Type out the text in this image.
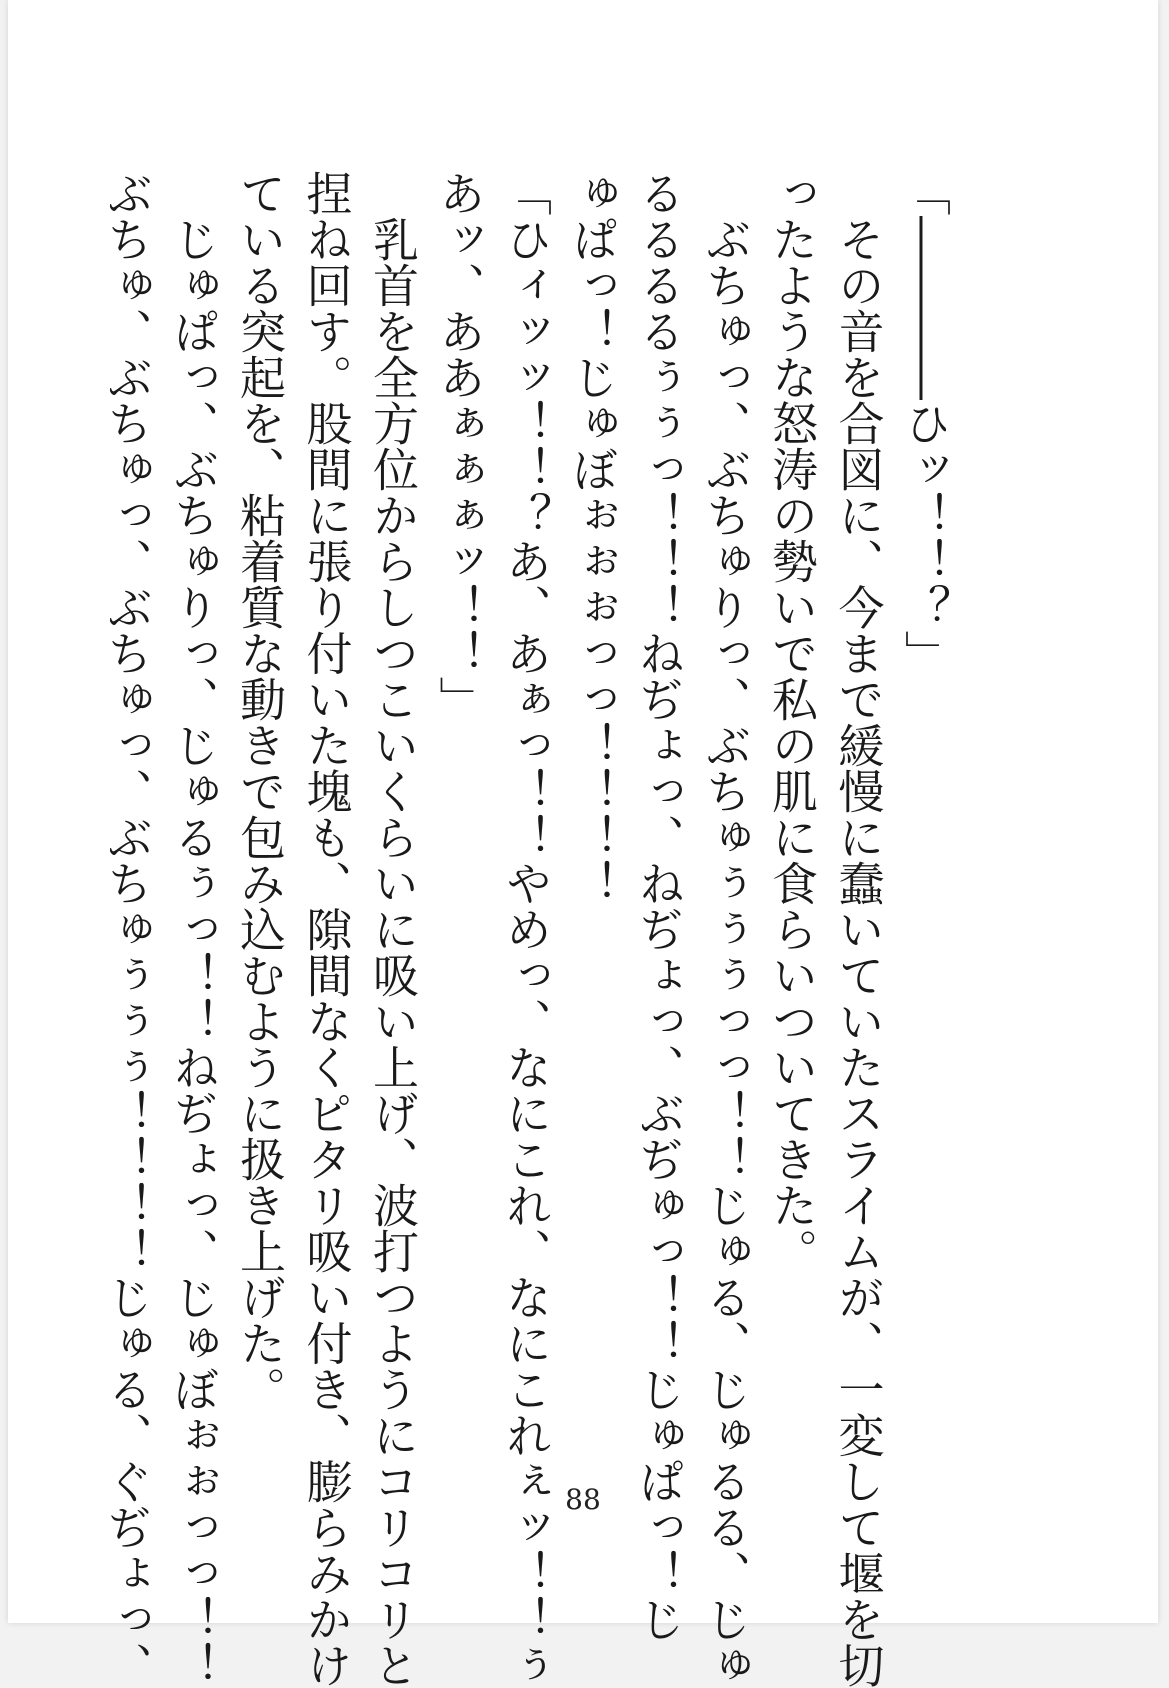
「――――ひッ！！？」
　その音を合図に、今まで緩慢に蠢いていたスライムが、一変して堰を切
ったような怒涛の勢いで私の肌に食らいついてきた。
　ぶちゅっ、ぶちゅりっ、ぶちゅぅぅぅっっ！！じゅる、じゅるる、じゅ
るるるるぅぅっ！！！ねぢょっ、ねぢょっ、ぶぢゅっ！！じゅぱっ！じ
ゅぱっ！じゅぼぉぉぉっっ！！！！
「ひィッッ！！？あ、あぁっ！！やめっ、なにこれ、なにこれぇッ！！ぅ
あッ、ああぁぁぁッ！！」
　乳首を全方位からしつこいくらいに吸い上げ、波打つようにコリコリと
捏ね回す。股間に張り付いた塊も、隙間なくピタリ吸い付き、膨らみかけ
ている突起を、粘着質な動きで包み込むように扱き上げた。
　じゅぱっ、ぶちゅりっ、じゅるぅっ！！ねぢょっ、じゅぼぉぉっっ！！
ぶちゅ、ぶちゅっ、ぶちゅっ、ぶちゅぅぅぅ！！！！じゅる、ぐぢょっ、	88
